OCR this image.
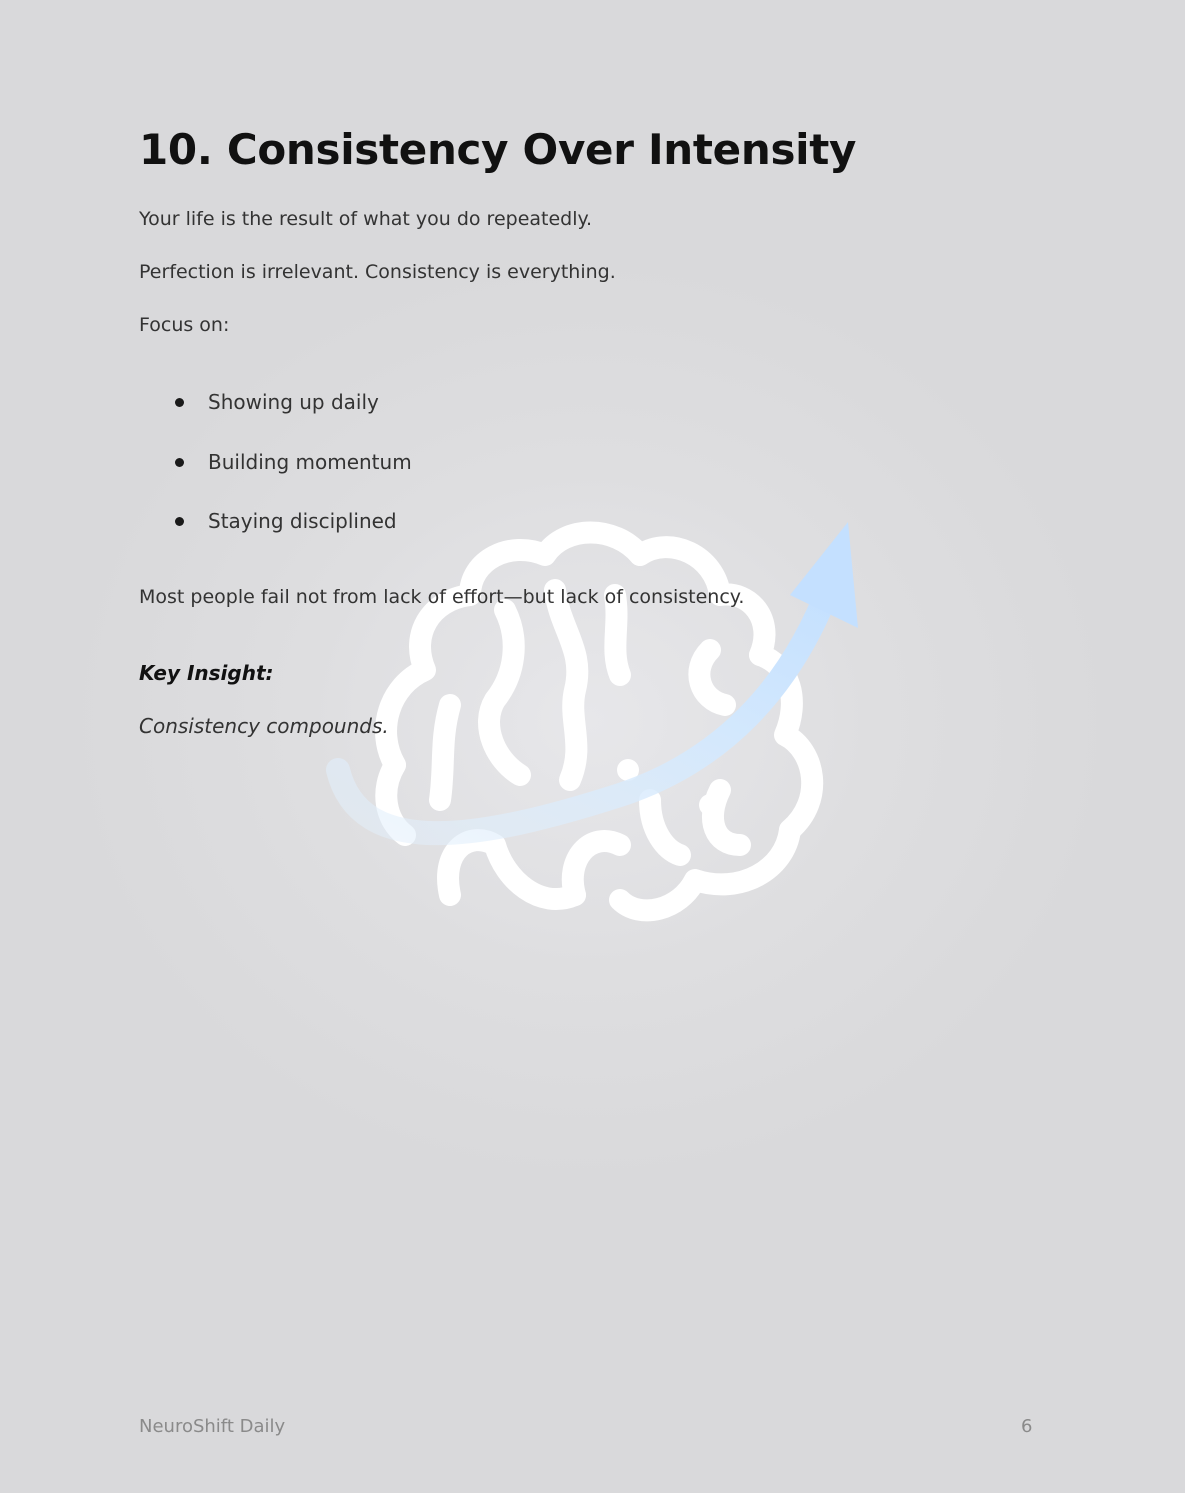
10. Consistency Over Intensity

Your life is the result of what you do repeatedly.

Perfection is irrelevant. Consistency is everything.

Focus on:

Showing up daily
Building momentum
Staying disciplined

Most people fail not from lack of effort—but lack of consistency.

Key Insight:

Consistency compounds.

NeuroShift Daily	6
